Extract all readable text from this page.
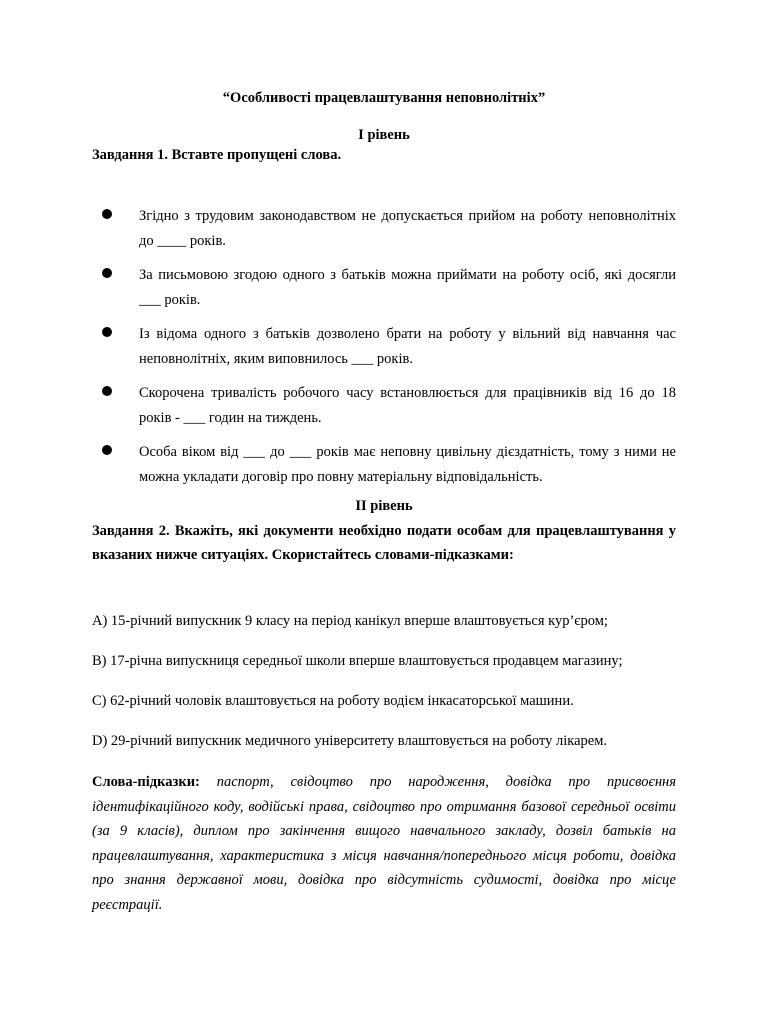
“Особливості працевлаштування неповнолітніх”
I рівень
Завдання 1. Вставте пропущені слова.
Згідно з трудовим законодавством не допускається прийом на роботу неповнолітніх до ____ років.
За письмовою згодою одного з батьків можна приймати на роботу осіб, які досягли ___ років.
Із відома одного з батьків дозволено брати на роботу у вільний від навчання час неповнолітніх, яким виповнилось ___ років.
Скорочена тривалість робочого часу встановлюється для працівників від 16 до 18 років - ___ годин на тиждень.
Особа віком від ___ до ___ років має неповну цивільну дієздатність, тому з ними не можна укладати договір про повну матеріальну відповідальність.
II рівень
Завдання 2. Вкажіть, які документи необхідно подати особам для працевлаштування у вказаних нижче ситуаціях. Скористайтесь словами-підказками:
A) 15-річний випускник 9 класу на період канікул вперше влаштовується кур’єром;
B) 17-річна випускниця середньої школи вперше влаштовується продавцем магазину;
C) 62-річний чоловік влаштовується на роботу водієм інкасаторської машини.
D) 29-річний випускник медичного університету влаштовується на роботу лікарем.
Слова-підказки: паспорт, свідоцтво про народження, довідка про присвоєння ідентифікаційного коду, водійські права, свідоцтво про отримання базової середньої освіти (за 9 класів), диплом про закінчення вищого навчального закладу, дозвіл батьків на працевлаштування, характеристика з місця навчання/попереднього місця роботи, довідка про знання державної мови, довідка про відсутність судимості, довідка про місце реєстрації.
